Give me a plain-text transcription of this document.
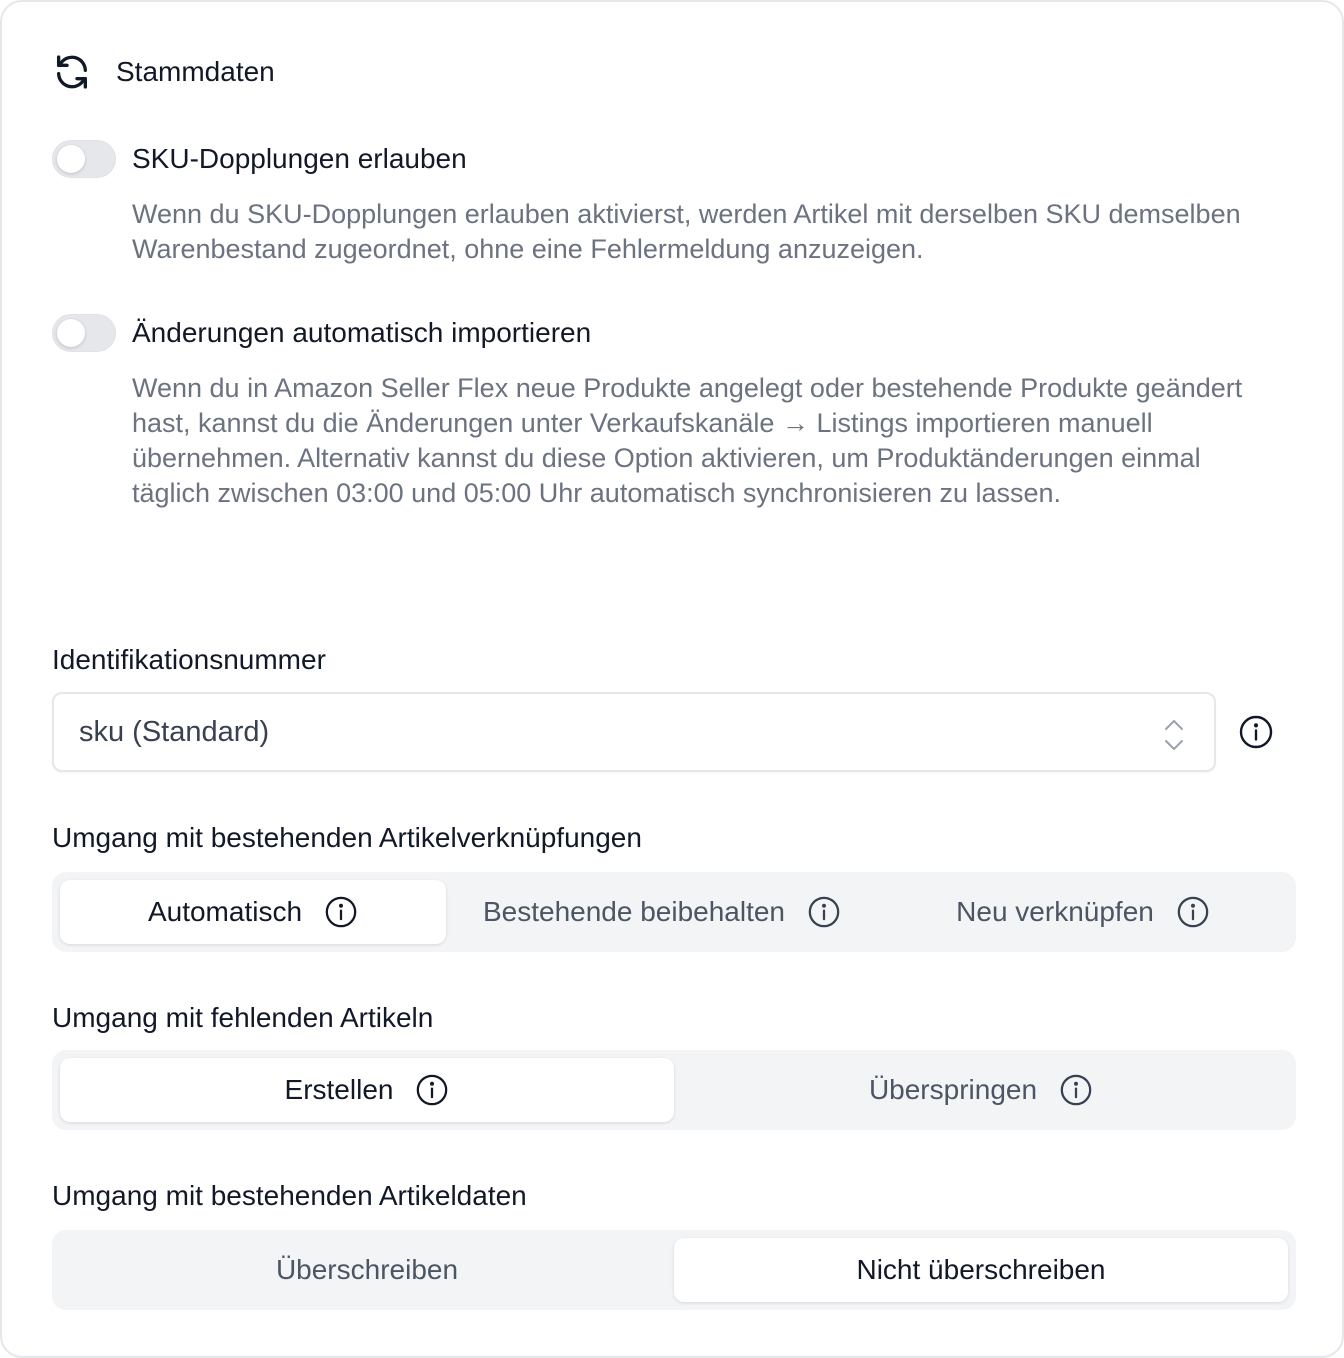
Stammdaten
SKU-Dopplungen erlauben
Wenn du SKU-Dopplungen erlauben aktivierst, werden Artikel mit derselben SKU demselben Warenbestand zugeordnet, ohne eine Fehlermeldung anzuzeigen.
Änderungen automatisch importieren
Wenn du in Amazon Seller Flex neue Produkte angelegt oder bestehende Produkte geändert hast, kannst du die Änderungen unter Verkaufskanäle → Listings importieren manuell übernehmen. Alternativ kannst du diese Option aktivieren, um Produktänderungen einmal täglich zwischen 03:00 und 05:00 Uhr automatisch synchronisieren zu lassen.
Identifikationsnummer
sku (Standard)
Umgang mit bestehenden Artikelverknüpfungen
Automatisch	Bestehende beibehalten	Neu verknüpfen
Umgang mit fehlenden Artikeln
Erstellen	Überspringen
Umgang mit bestehenden Artikeldaten
Überschreiben	Nicht überschreiben
